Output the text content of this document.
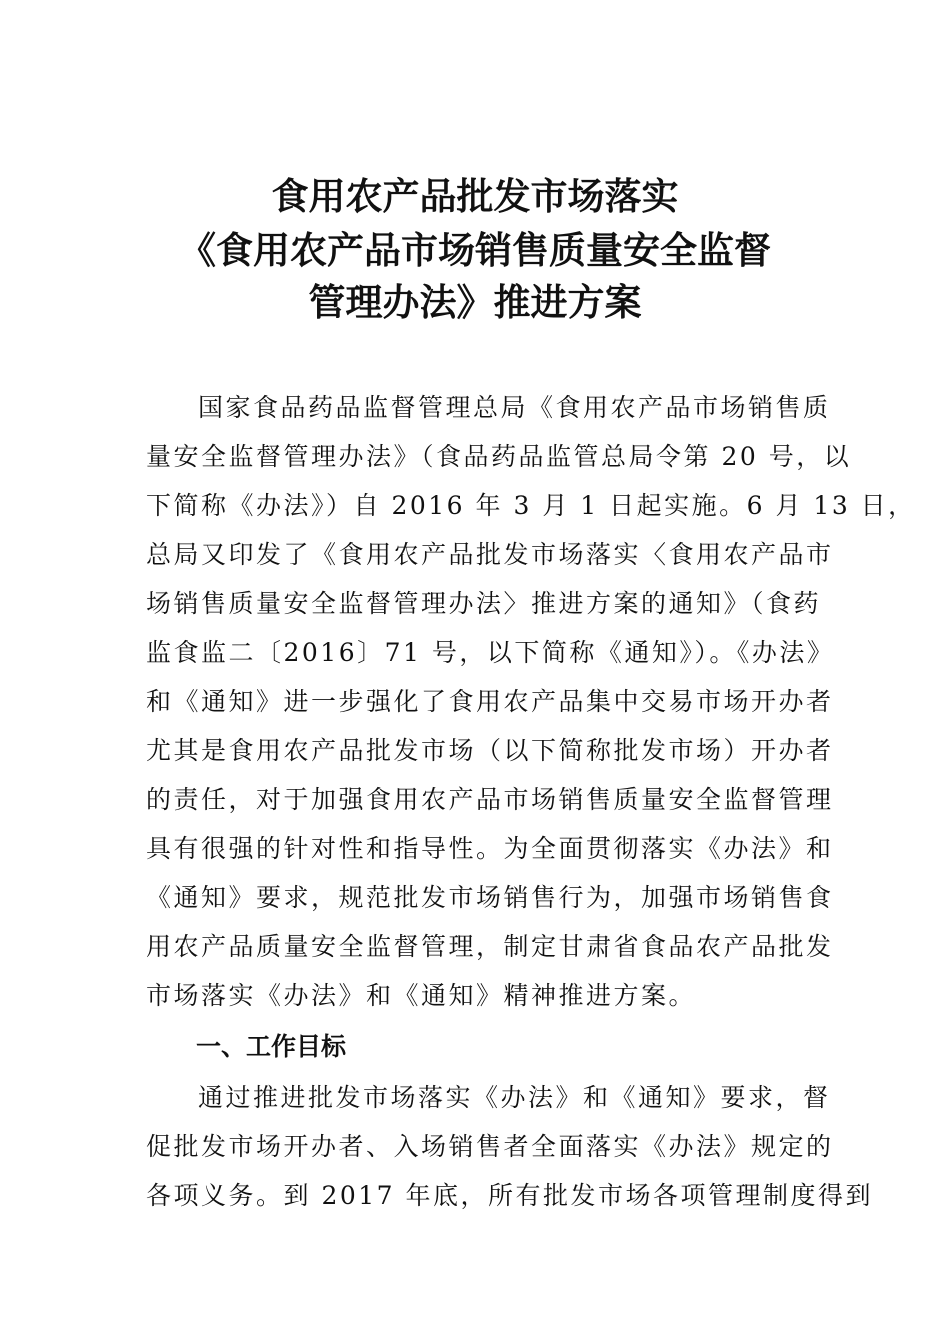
食用农产品批发市场落实
《食用农产品市场销售质量安全监督
管理办法》推进方案
国家食品药品监督管理总局《食用农产品市场销售质
量安全监督管理办法》（食品药品监管总局令第 20 号，以
下简称《办法》）自 2016 年 3 月 1 日起实施。6 月 13 日，
总局又印发了《食用农产品批发市场落实〈食用农产品市
场销售质量安全监督管理办法〉推进方案的通知》（食药
监食监二〔2016〕71 号，以下简称《通知》）。《办法》
和《通知》进一步强化了食用农产品集中交易市场开办者
尤其是食用农产品批发市场（以下简称批发市场）开办者
的责任，对于加强食用农产品市场销售质量安全监督管理
具有很强的针对性和指导性。为全面贯彻落实《办法》和
《通知》要求，规范批发市场销售行为，加强市场销售食
用农产品质量安全监督管理，制定甘肃省食品农产品批发
市场落实《办法》和《通知》精神推进方案。
一、工作目标
通过推进批发市场落实《办法》和《通知》要求，督
促批发市场开办者、入场销售者全面落实《办法》规定的
各项义务。到 2017 年底，所有批发市场各项管理制度得到
